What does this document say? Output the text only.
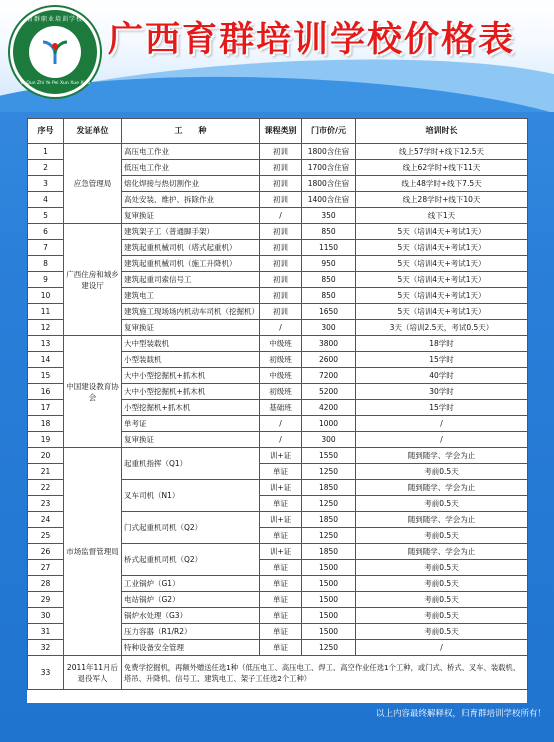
育群职业培训学校
Yu Qun Zhi Ye Pei Xun Xue Xiao
广西育群培训学校价格表
序号	发证单位	工　　种	课程类别	门市价/元	培训时长
1	应急管理局	高压电工作业	初训	1800含住宿	线上57学时+线下12.5天
2		低压电工作业	初训	1700含住宿	线上62学时+线下11天
3		熔化焊接与热切割作业	初训	1800含住宿	线上48学时+线下7.5天
4		高处安装、维护、拆除作业	初训	1400含住宿	线上28学时+线下10天
5		复审换证	/	350	线下1天
6	广西住房和城乡建设厅	建筑架子工（普通脚手架）	初训	850	5天（培训4天+考试1天）
7		建筑起重机械司机（塔式起重机）	初训	1150	5天（培训4天+考试1天）
8		建筑起重机械司机（施工升降机）	初训	950	5天（培训4天+考试1天）
9		建筑起重司索信号工	初训	850	5天（培训4天+考试1天）
10		建筑电工	初训	850	5天（培训4天+考试1天）
11		建筑施工现场场内机动车司机（挖掘机）	初训	1650	5天（培训4天+考试1天）
12		复审换证	/	300	3天（培训2.5天，考试0.5天）
13	中国建设教育协会	大中型装载机	中级班	3800	18学时
14		小型装载机	初级班	2600	15学时
15		大中小型挖掘机+抓木机	中级班	7200	40学时
16		大中小型挖掘机+抓木机	初级班	5200	30学时
17		小型挖掘机+抓木机	基础班	4200	15学时
18		单考证	/	1000	/
19		复审换证	/	300	/
20	市场监督管理局	起重机指挥（Q1）	训+证	1550	随到随学、学会为止
21			单证	1250	考前0.5天
22		叉车司机（N1）	训+证	1850	随到随学、学会为止
23			单证	1250	考前0.5天
24		门式起重机司机（Q2）	训+证	1850	随到随学、学会为止
25			单证	1250	考前0.5天
26		桥式起重机司机（Q2）	训+证	1850	随到随学、学会为止
27			单证	1500	考前0.5天
28		工业锅炉（G1）	单证	1500	考前0.5天
29		电站锅炉（G2）	单证	1500	考前0.5天
30		锅炉水处理（G3）	单证	1500	考前0.5天
31		压力容器（R1/R2）	单证	1500	考前0.5天
32		特种设备安全管理	单证	1250	/
33	2011年11月后退役军人	免费学挖掘机，再额外赠送任选1种（低压电工、高压电工、焊工、高空作业任选1个工种，或门式、桥式、叉车、装载机、塔吊、升降机、信号工、建筑电工、架子工任选2个工种）			
以上内容最终解释权，归育群培训学校所有！
